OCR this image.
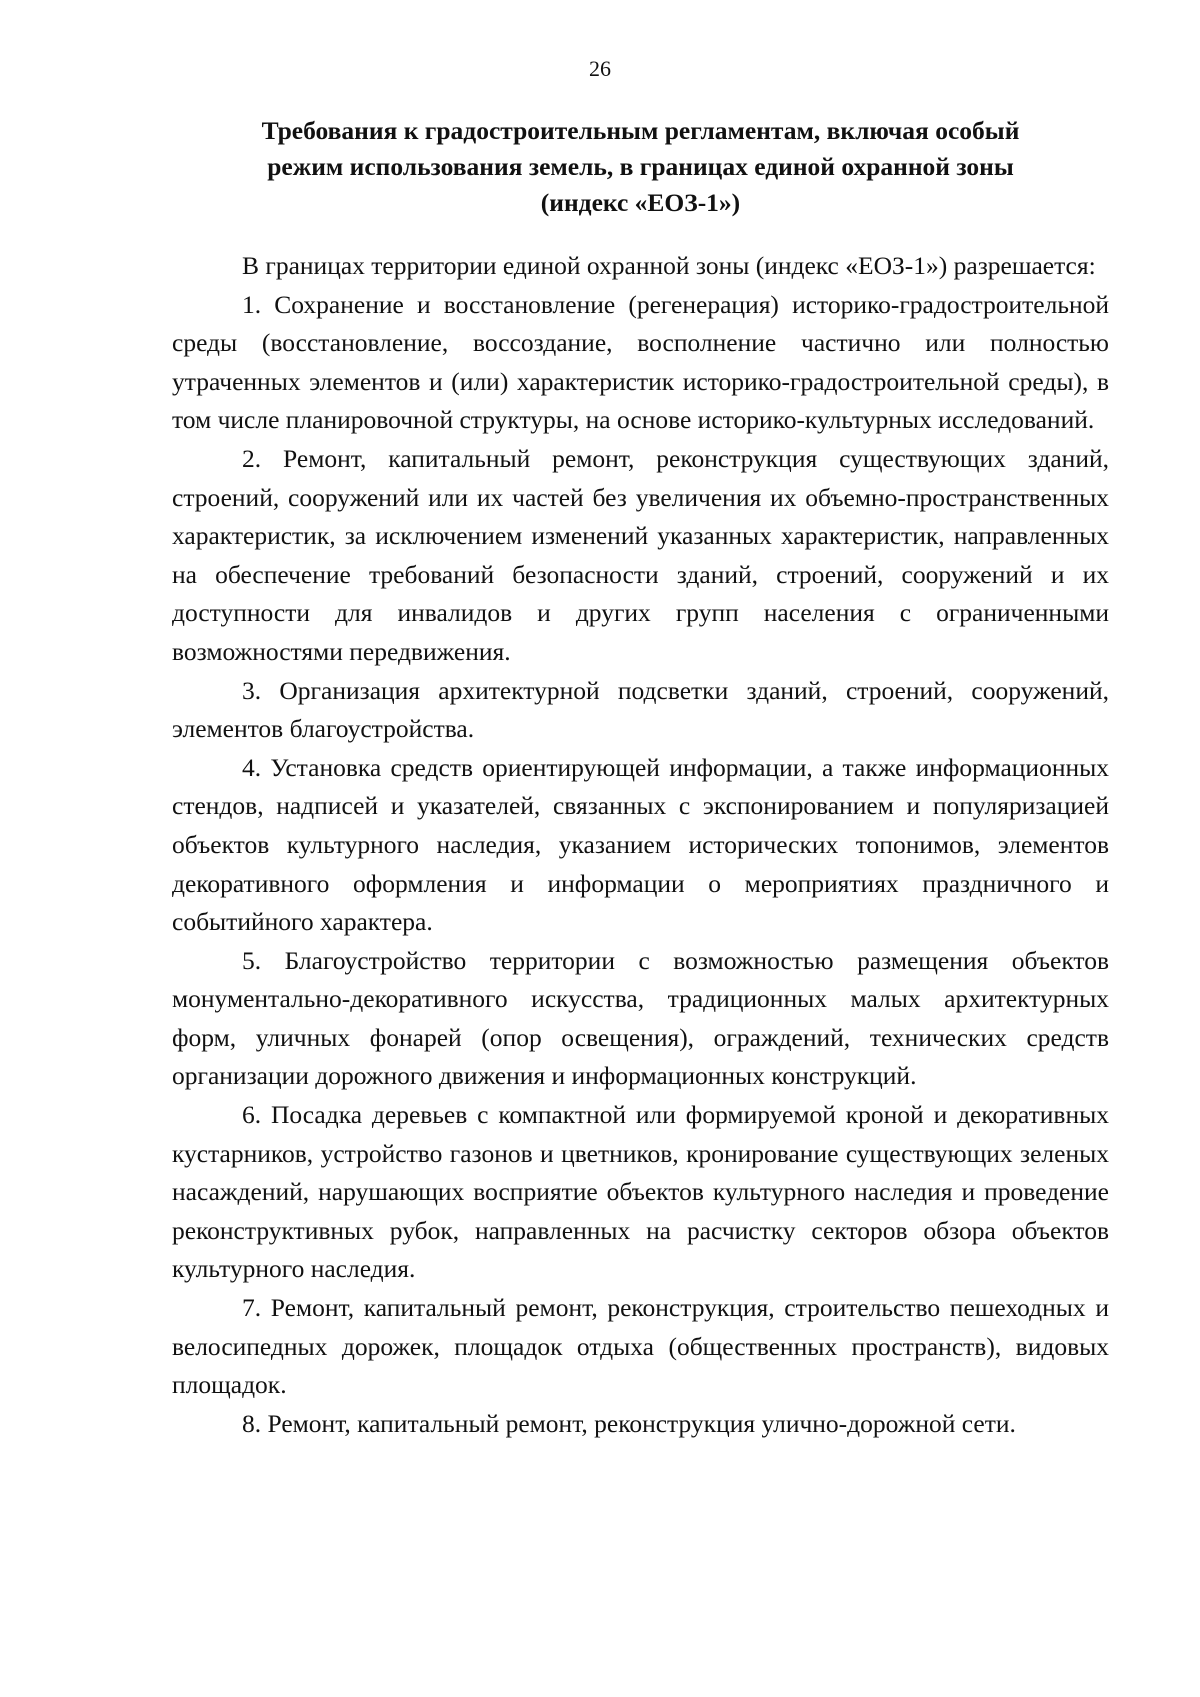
26
Требования к градостроительным регламентам, включая особый
режим использования земель, в границах единой охранной зоны
(индекс «ЕОЗ-1»)

В границах территории единой охранной зоны (индекс «ЕОЗ-1») разрешается:

1. Сохранение и восстановление (регенерация) историко-градостроительной среды (восстановление, воссоздание, восполнение частично или полностью утраченных элементов и (или) характеристик историко-градостроительной среды), в том числе планировочной структуры, на основе историко-культурных исследований.

2. Ремонт, капитальный ремонт, реконструкция существующих зданий, строений, сооружений или их частей без увеличения их объемно-пространственных характеристик, за исключением изменений указанных характеристик, направленных на обеспечение требований безопасности зданий, строений, сооружений и их доступности для инвалидов и других групп населения с ограниченными возможностями передвижения.

3. Организация архитектурной подсветки зданий, строений, сооружений, элементов благоустройства.

4. Установка средств ориентирующей информации, а также информационных стендов, надписей и указателей, связанных с экспонированием и популяризацией объектов культурного наследия, указанием исторических топонимов, элементов декоративного оформления и информации о мероприятиях праздничного и событийного характера.

5. Благоустройство территории с возможностью размещения объектов монументально-декоративного искусства, традиционных малых архитектурных форм, уличных фонарей (опор освещения), ограждений, технических средств организации дорожного движения и информационных конструкций.

6. Посадка деревьев с компактной или формируемой кроной и декоративных кустарников, устройство газонов и цветников, кронирование существующих зеленых насаждений, нарушающих восприятие объектов культурного наследия и проведение реконструктивных рубок, направленных на расчистку секторов обзора объектов культурного наследия.

7. Ремонт, капитальный ремонт, реконструкция, строительство пешеходных и велосипедных дорожек, площадок отдыха (общественных пространств), видовых площадок.

8. Ремонт, капитальный ремонт, реконструкция улично-дорожной сети.
